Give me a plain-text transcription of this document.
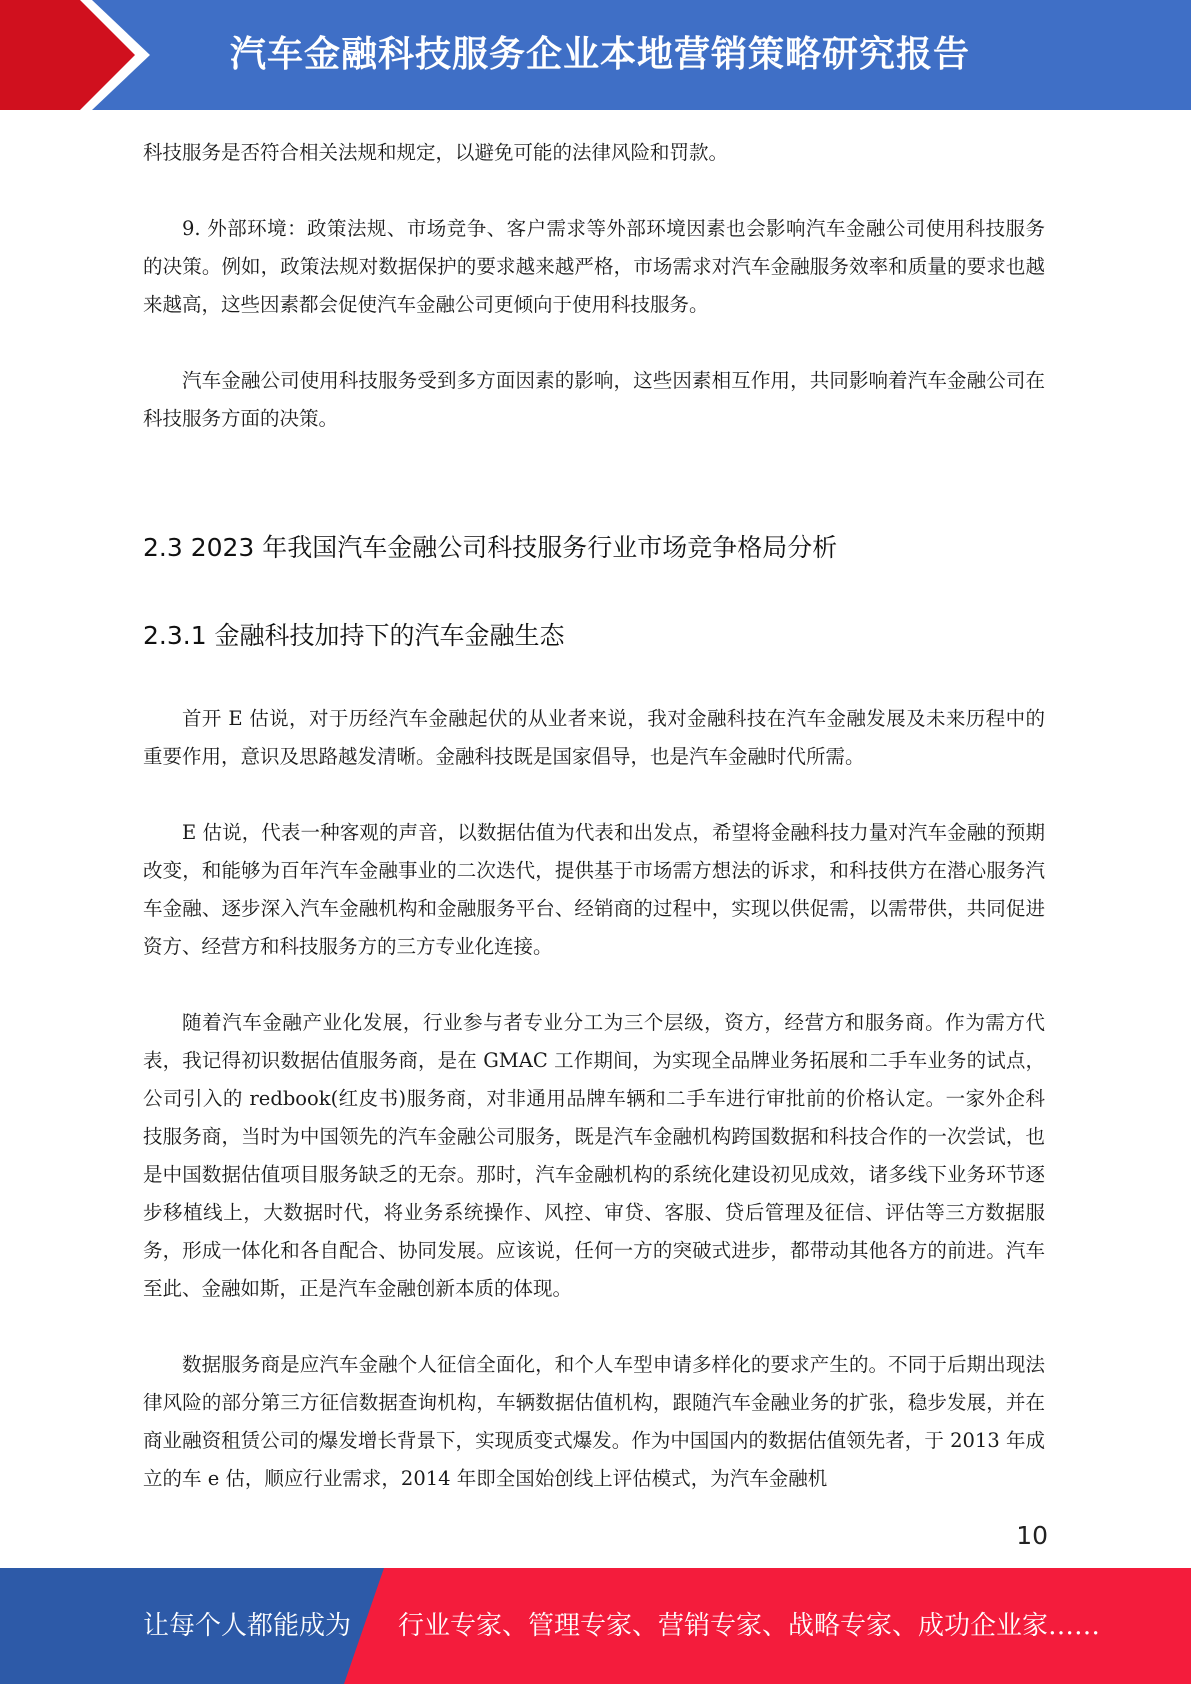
汽车金融科技服务企业本地营销策略研究报告

科技服务是否符合相关法规和规定，以避免可能的法律风险和罚款。

9. 外部环境：政策法规、市场竞争、客户需求等外部环境因素也会影响汽车金融公司使用科技服务的决策。例如，政策法规对数据保护的要求越来越严格，市场需求对汽车金融服务效率和质量的要求也越来越高，这些因素都会促使汽车金融公司更倾向于使用科技服务。

汽车金融公司使用科技服务受到多方面因素的影响，这些因素相互作用，共同影响着汽车金融公司在科技服务方面的决策。

2.3 2023 年我国汽车金融公司科技服务行业市场竞争格局分析
2.3.1 金融科技加持下的汽车金融生态

首开 E 估说，对于历经汽车金融起伏的从业者来说，我对金融科技在汽车金融发展及未来历程中的重要作用，意识及思路越发清晰。金融科技既是国家倡导，也是汽车金融时代所需。

E 估说，代表一种客观的声音，以数据估值为代表和出发点，希望将金融科技力量对汽车金融的预期改变，和能够为百年汽车金融事业的二次迭代，提供基于市场需方想法的诉求，和科技供方在潜心服务汽车金融、逐步深入汽车金融机构和金融服务平台、经销商的过程中，实现以供促需，以需带供，共同促进资方、经营方和科技服务方的三方专业化连接。

随着汽车金融产业化发展，行业参与者专业分工为三个层级，资方，经营方和服务商。作为需方代表，我记得初识数据估值服务商，是在 GMAC 工作期间，为实现全品牌业务拓展和二手车业务的试点，公司引入的 redbook(红皮书)服务商，对非通用品牌车辆和二手车进行审批前的价格认定。一家外企科技服务商，当时为中国领先的汽车金融公司服务，既是汽车金融机构跨国数据和科技合作的一次尝试，也是中国数据估值项目服务缺乏的无奈。那时，汽车金融机构的系统化建设初见成效，诸多线下业务环节逐步移植线上，大数据时代，将业务系统操作、风控、审贷、客服、贷后管理及征信、评估等三方数据服务，形成一体化和各自配合、协同发展。应该说，任何一方的突破式进步，都带动其他各方的前进。汽车至此、金融如斯，正是汽车金融创新本质的体现。

数据服务商是应汽车金融个人征信全面化，和个人车型申请多样化的要求产生的。不同于后期出现法律风险的部分第三方征信数据查询机构，车辆数据估值机构，跟随汽车金融业务的扩张，稳步发展，并在商业融资租赁公司的爆发增长背景下，实现质变式爆发。作为中国国内的数据估值领先者，于 2013 年成立的车 e 估，顺应行业需求，2014 年即全国始创线上评估模式，为汽车金融机

10
让每个人都能成为 行业专家、管理专家、营销专家、战略专家、成功企业家……
